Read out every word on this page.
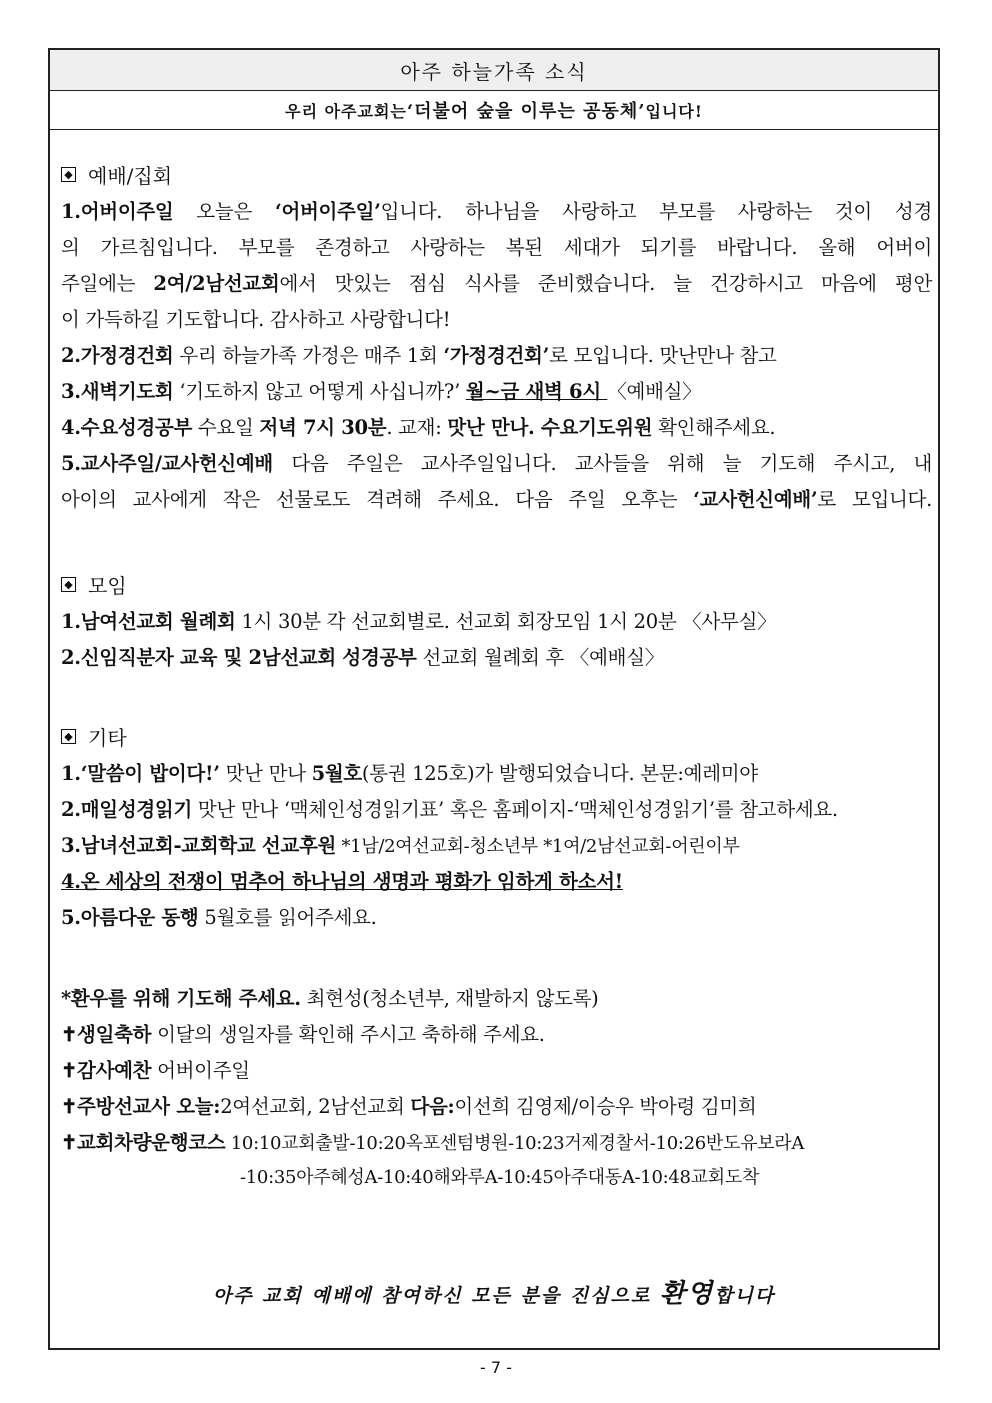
아주 하늘가족 소식
우리 아주교회는 ‘더불어 숲을 이루는 공동체’ 입니다!
◆ 예배/집회
1.어버이주일 오늘은 ‘어버이주일’입니다. 하나님을 사랑하고 부모를 사랑하는 것이 성경
의 가르침입니다. 부모를 존경하고 사랑하는 복된 세대가 되기를 바랍니다. 올해 어버이
주일에는 2여/2남선교회에서 맛있는 점심 식사를 준비했습니다. 늘 건강하시고 마음에 평안
이 가득하길 기도합니다. 감사하고 사랑합니다!
2.가정경건회 우리 하늘가족 가정은 매주 1회 ‘가정경건회’로 모입니다. 맛난만나 참고
3.새벽기도회 ‘기도하지 않고 어떻게 사십니까?’ 월~금 새벽 6시 〈예배실〉
4.수요성경공부 수요일 저녁 7시 30분. 교재: 맛난 만나. 수요기도위원 확인해주세요.
5.교사주일/교사헌신예배 다음 주일은 교사주일입니다. 교사들을 위해 늘 기도해 주시고, 내
아이의 교사에게 작은 선물로도 격려해 주세요. 다음 주일 오후는 ‘교사헌신예배’로 모입니다.
◆ 모임
1.남여선교회 월례회 1시 30분 각 선교회별로. 선교회 회장모임 1시 20분 〈사무실〉
2.신임직분자 교육 및 2남선교회 성경공부 선교회 월례회 후 〈예배실〉
◆ 기타
1.‘말씀이 밥이다!’ 맛난 만나 5월호(통권 125호)가 발행되었습니다. 본문:예레미야
2.매일성경읽기 맛난 만나 ‘맥체인성경읽기표’ 혹은 홈페이지-‘맥체인성경읽기’를 참고하세요.
3.남녀선교회-교회학교 선교후원 *1남/2여선교회-청소년부 *1여/2남선교회-어린이부
4.온 세상의 전쟁이 멈추어 하나님의 생명과 평화가 임하게 하소서!
5.아름다운 동행 5월호를 읽어주세요.
*환우를 위해 기도해 주세요. 최현성(청소년부, 재발하지 않도록)
✝생일축하 이달의 생일자를 확인해 주시고 축하해 주세요.
✝감사예찬 어버이주일
✝주방선교사 오늘:2여선교회, 2남선교회 다음:이선희 김영제/이승우 박아령 김미희
✝교회차량운행코스 10:10교회출발-10:20옥포센텀병원-10:23거제경찰서-10:26반도유보라A
-10:35아주혜성A-10:40해와루A-10:45아주대동A-10:48교회도착
아주 교회 예배에 참여하신 모든 분을 진심으로 환영합니다
- 7 -
